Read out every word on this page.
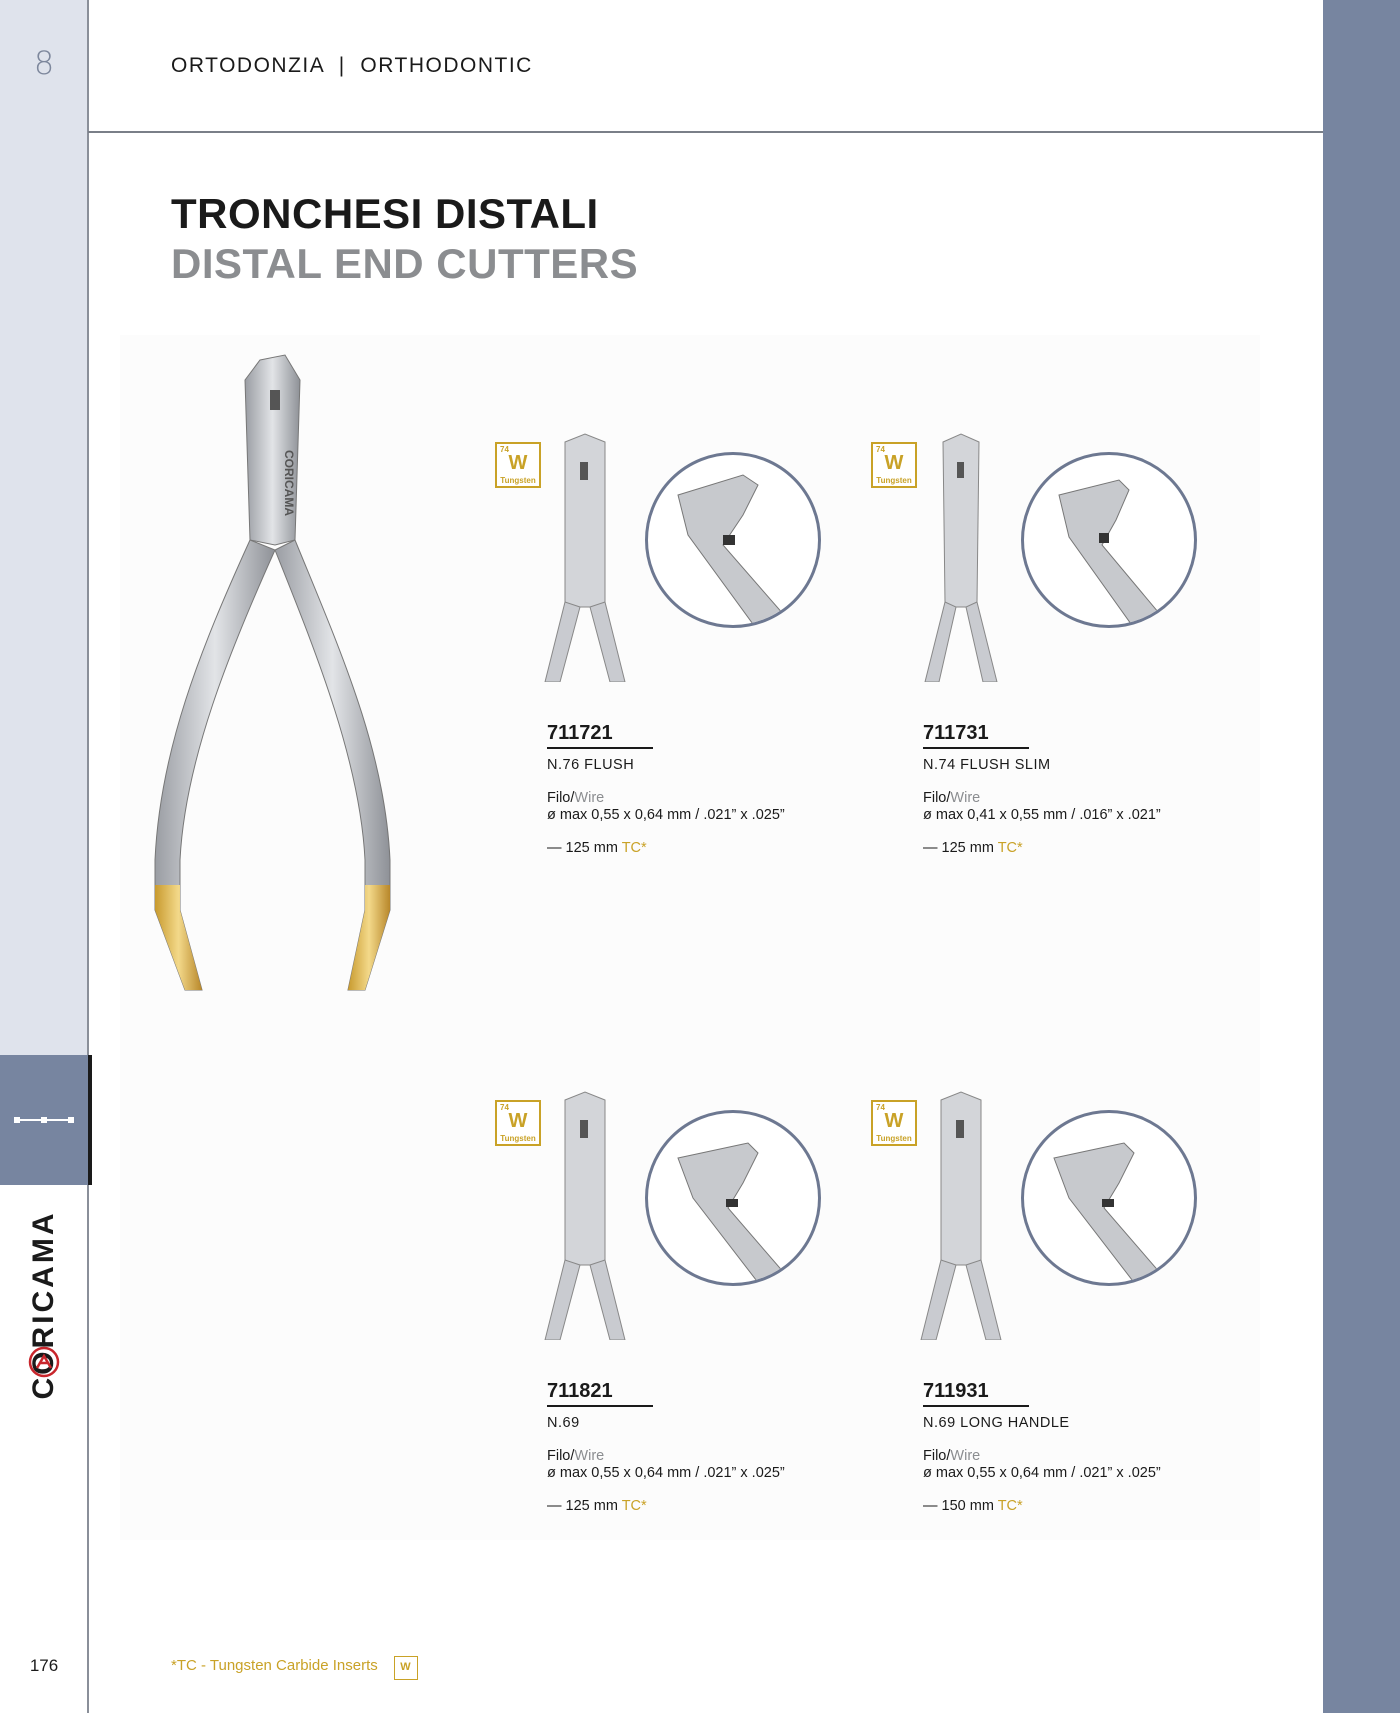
8
CORICAMA
176
ORTODONZIA  |  ORTHODONTIC
TRONCHESI DISTALI
DISTAL END CUTTERS
CORICAMA
74
W
Tungsten
711721
N.76 FLUSH
Filo/Wire
ø max 0,55 x 0,64 mm / .021” x .025”
— 125 mm TC*
74
W
Tungsten
711731
N.74 FLUSH SLIM
Filo/Wire
ø max 0,41 x 0,55 mm / .016” x .021”
— 125 mm TC*
74
W
Tungsten
711821
N.69
Filo/Wire
ø max 0,55 x 0,64 mm / .021” x .025”
— 125 mm TC*
74
W
Tungsten
711931
N.69 LONG HANDLE
Filo/Wire
ø max 0,55 x 0,64 mm / .021” x .025”
— 150 mm TC*
*TC - Tungsten Carbide Inserts	W
